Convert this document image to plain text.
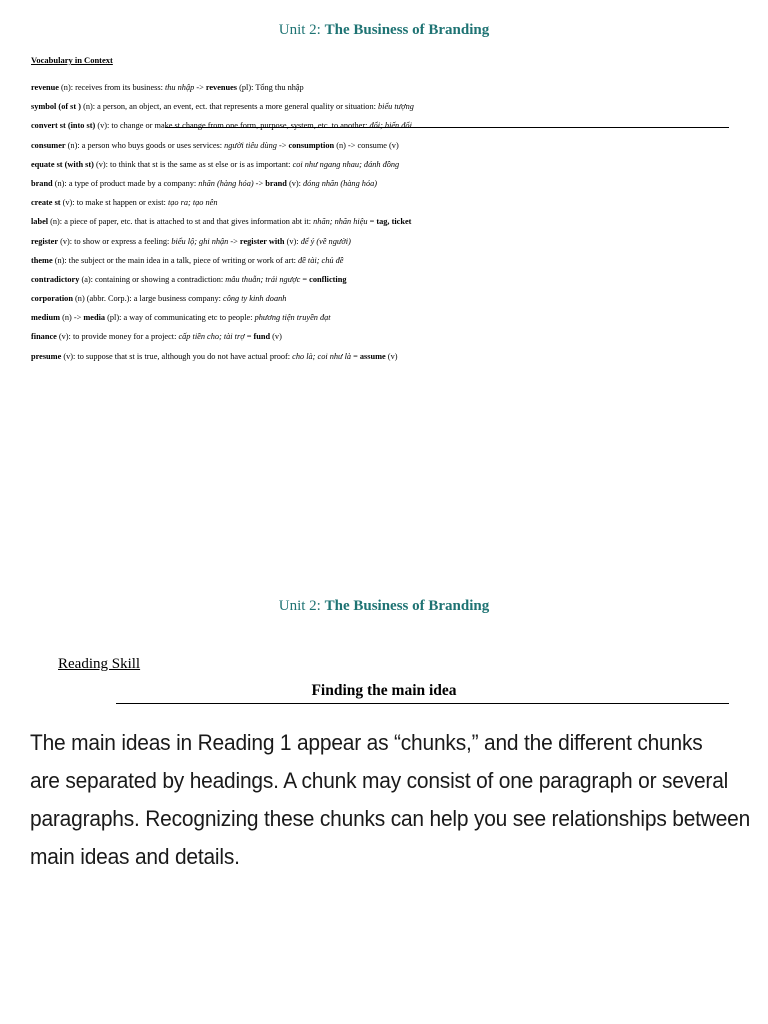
Unit 2: The Business of Branding
Vocabulary in Context
revenue (n): receives from its business: thu nhập -> revenues (pl): Tổng thu nhập
symbol (of st ) (n): a person, an object, an event, ect. that represents a more general quality or situation: biểu tượng
convert st (into st) (v): to change or make st change from one form, purpose, system, etc. to another: đổi; biến đổi
consumer (n): a person who buys goods or uses services: người tiêu dùng -> consumption (n) -> consume (v)
equate st (with st) (v): to think that st is the same as st else or is as important: coi như ngang nhau; đánh đồng
brand (n): a type of product made by a company: nhãn (hàng hóa) -> brand (v): đóng nhãn (hàng hóa)
create st (v): to make st happen or exist: tạo ra; tạo nên
label (n): a piece of paper, etc. that is attached to st and that gives information abt it: nhãn; nhãn hiệu = tag, ticket
register (v): to show or express a feeling: biểu lộ; ghi nhận -> register with (v): để ý (về người)
theme (n): the subject or the main idea in a talk, piece of writing or work of art: đề tài; chủ đề
contradictory (a): containing or showing a contradiction: mâu thuẫn; trái ngược = conflicting
corporation (n) (abbr. Corp.): a large business company: công ty kinh doanh
medium (n) -> media (pl): a way of communicating etc to people: phương tiện truyền đạt
finance (v): to provide money for a project: cấp tiền cho; tài trợ = fund (v)
presume (v): to suppose that st is true, although you do not have actual proof: cho là; coi như là = assume (v)
Unit 2: The Business of Branding
Reading Skill
Finding the main idea
The main ideas in Reading 1 appear as “chunks,” and the different chunks
are separated by headings. A chunk may consist of one paragraph or several
paragraphs. Recognizing these chunks can help you see relationships between
main ideas and details.
